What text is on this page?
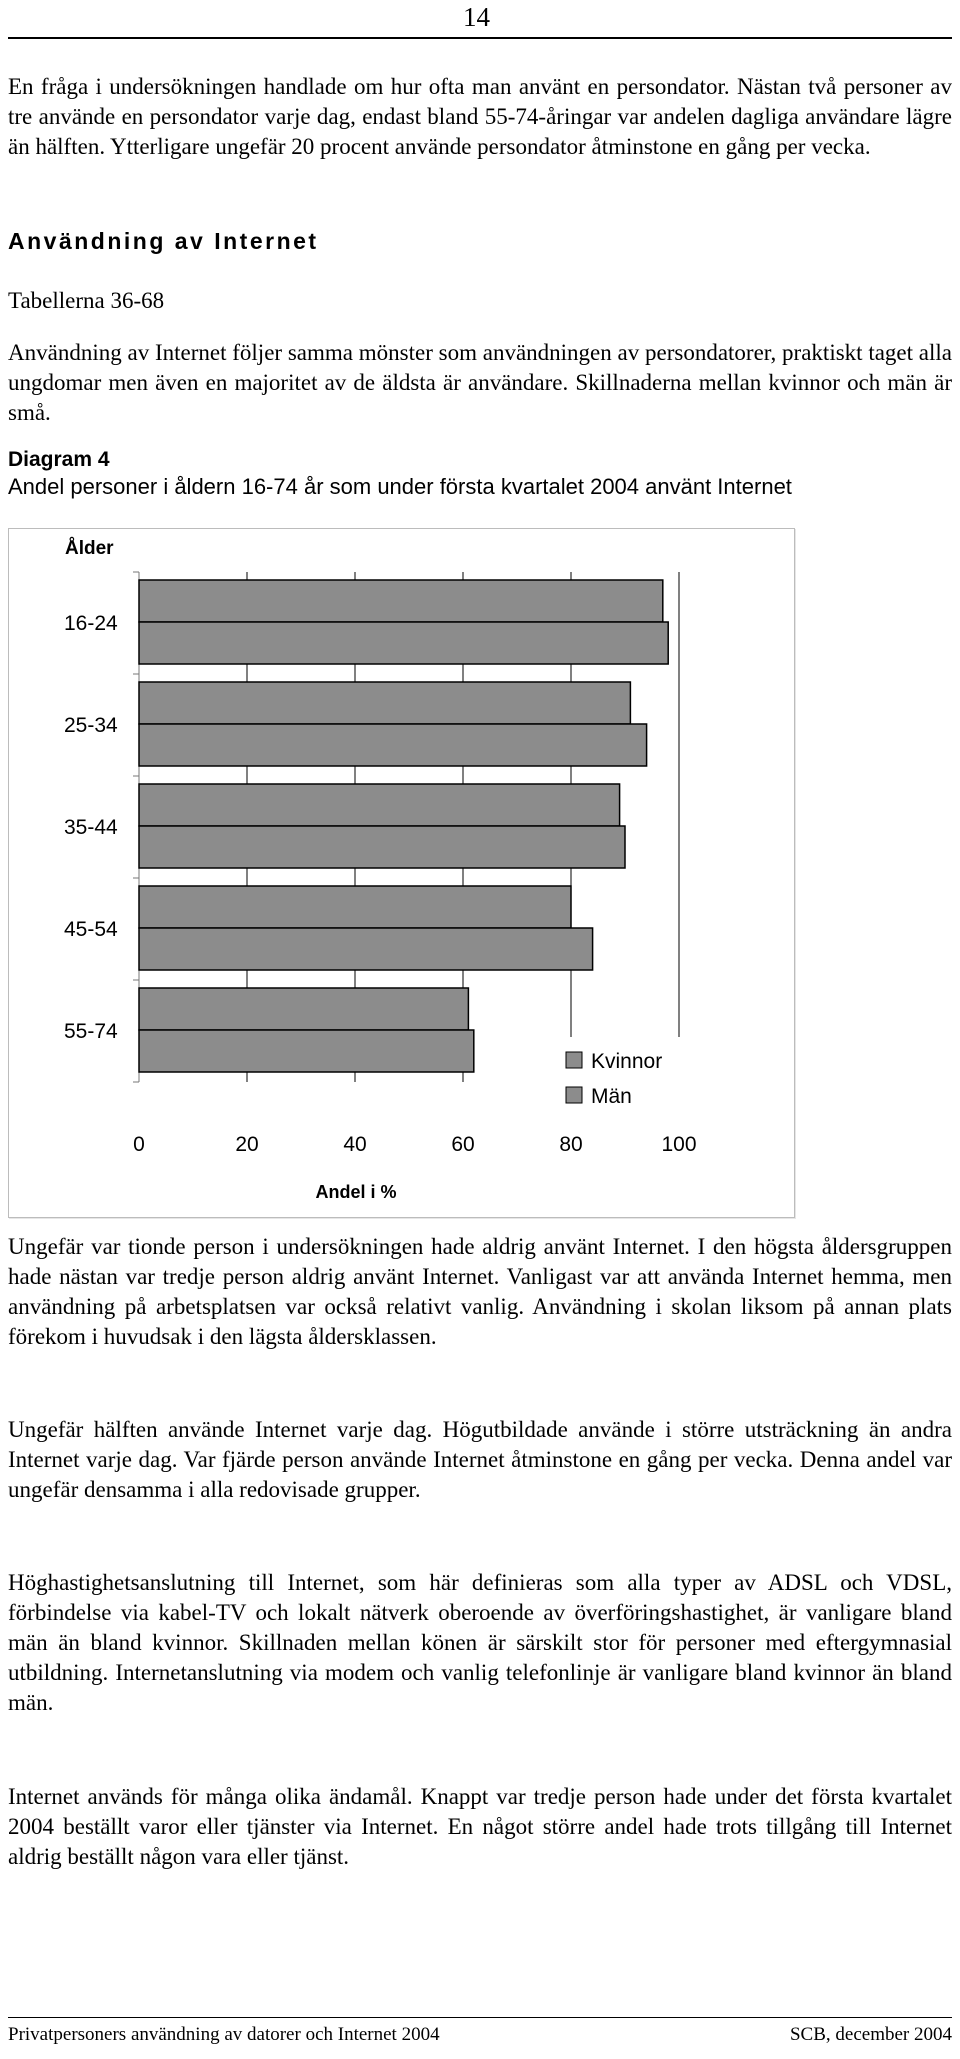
14

En fråga i undersökningen handlade om hur ofta man använt en persondator. Nästan två personer av tre använde en persondator varje dag, endast bland 55-74-åringar var andelen dagliga användare lägre än hälften. Ytterligare ungefär 20 procent använde persondator åtminstone en gång per vecka.

Användning av Internet
Tabellerna 36-68

Användning av Internet följer samma mönster som användningen av persondatorer, praktiskt taget alla ungdomar men även en majoritet av de äldsta är användare. Skillnaderna mellan kvinnor och män är små.

Diagram 4
Andel personer i åldern 16-74 år som under första kvartalet 2004 använt Internet
16-24
25-34
35-44
45-54
55-74
Ålder
0	20	40	60	80	100
Andel i %
Kvinnor
Män

Ungefär var tionde person i undersökningen hade aldrig använt Internet. I den högsta åldersgruppen hade nästan var tredje person aldrig använt Internet. Vanligast var att använda Internet hemma, men användning på arbetsplatsen var också relativt vanlig. Användning i skolan liksom på annan plats förekom i huvudsak i den lägsta åldersklassen.

Ungefär hälften använde Internet varje dag. Högutbildade använde i större utsträckning än andra Internet varje dag. Var fjärde person använde Internet åtminstone en gång per vecka. Denna andel var ungefär densamma i alla redovisade grupper.

Höghastighetsanslutning till Internet, som här definieras som alla typer av ADSL och VDSL, förbindelse via kabel-TV och lokalt nätverk oberoende av överföringshastighet, är vanligare bland män än bland kvinnor. Skillnaden mellan könen är särskilt stor för personer med eftergymnasial utbildning. Internetanslutning via modem och vanlig telefonlinje är vanligare bland kvinnor än bland män.

Internet används för många olika ändamål. Knappt var tredje person hade under det första kvartalet 2004 beställt varor eller tjänster via Internet. En något större andel hade trots tillgång till Internet aldrig beställt någon vara eller tjänst.

Privatpersoners användning av datorer och Internet 2004	SCB, december 2004
